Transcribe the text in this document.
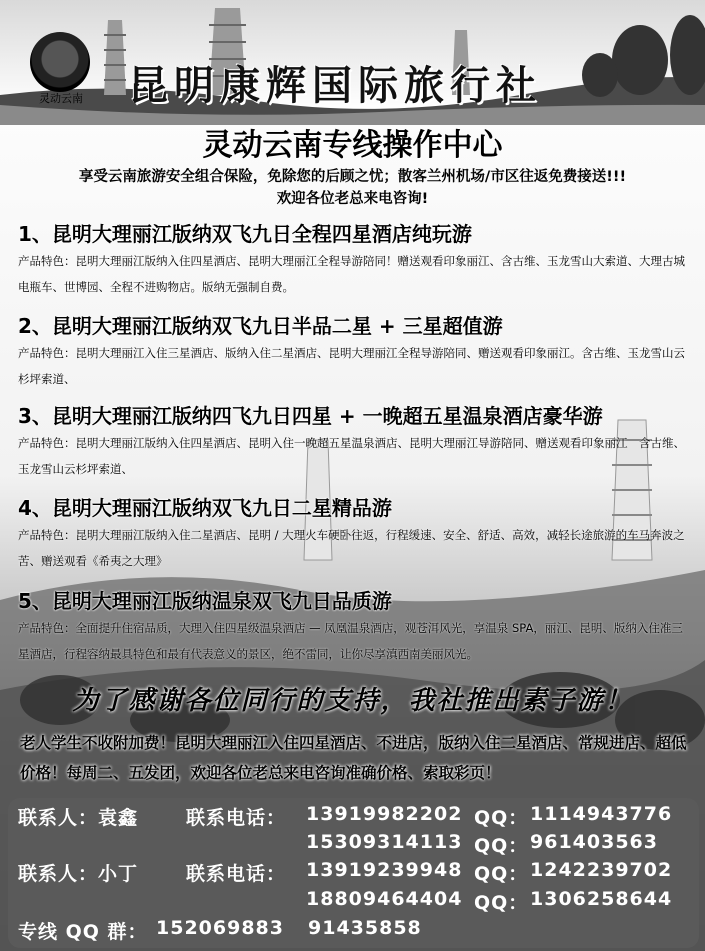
灵动云南 昆明康辉国际旅行社
灵动云南专线操作中心
享受云南旅游安全组合保险，免除您的后顾之忧；散客兰州机场/市区往返免费接送!!!
欢迎各位老总来电咨询!
1、昆明大理丽江版纳双飞九日全程四星酒店纯玩游
产品特色：昆明大理丽江版纳入住四星酒店、昆明大理丽江全程导游陪同！赠送观看印象丽江、含古维、玉龙雪山大索道、大理古城电瓶车、世博园、全程不进购物店。版纳无强制自费。
2、昆明大理丽江版纳双飞九日半品二星 + 三星超值游
产品特色：昆明大理丽江入住三星酒店、版纳入住二星酒店、昆明大理丽江全程导游陪同、赠送观看印象丽江。含古维、玉龙雪山云杉坪索道、
3、昆明大理丽江版纳四飞九日四星 + 一晚超五星温泉酒店豪华游
产品特色：昆明大理丽江版纳入住四星酒店、昆明入住一晚超五星温泉酒店、昆明大理丽江导游陪同、赠送观看印象丽江　含古维、玉龙雪山云杉坪索道、
4、昆明大理丽江版纳双飞九日二星精品游
产品特色：昆明大理丽江版纳入住二星酒店、昆明 / 大理火车硬卧往返，行程缓速、安全、舒适、高效，减轻长途旅游的车马奔波之苦、赠送观看《希夷之大理》
5、昆明大理丽江版纳温泉双飞九日品质游
产品特色：全面提升住宿品质，大理入住四星级温泉酒店 — 凤凰温泉酒店，观苍洱风光，享温泉 SPA，丽江、昆明、版纳入住准三星酒店，行程容纳最具特色和最有代表意义的景区，绝不雷同，让你尽享滇西南美丽风光。
为了感谢各位同行的支持，我社推出素子游！
老人学生不收附加费！昆明大理丽江入住四星酒店、不进店，版纳入住二星酒店、常规进店、超低价格！每周二、五发团，欢迎各位老总来电咨询准确价格、索取彩页！
联系人：袁鑫	联系电话： 13919982202 QQ： 1114943776
15309314113 QQ： 961403563
联系人：小丁	联系电话： 13919239948 QQ： 1242239702
18809464404 QQ： 1306258644
专线 QQ 群： 152069883 91435858
